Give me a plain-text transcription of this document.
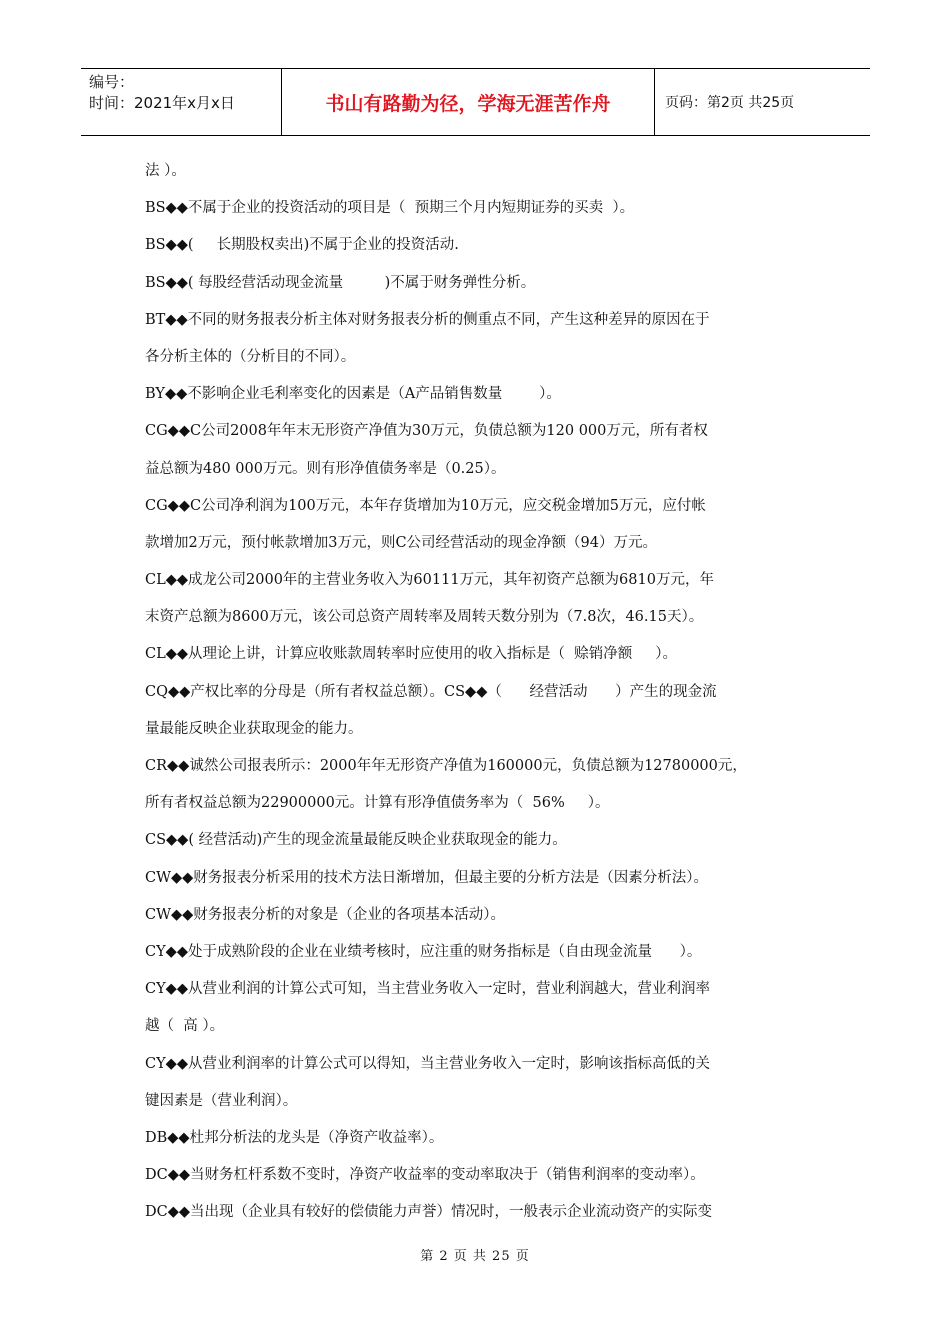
编号：
时间：2021年x月x日	书山有路勤为径，学海无涯苦作舟	页码：第2页 共25页
法 ）。
BS◆◆不属于企业的投资活动的项目是（  预期三个月内短期证券的买卖  ）。
BS◆◆(     长期股权卖出)不属于企业的投资活动.
BS◆◆( 每股经营活动现金流量         )不属于财务弹性分析。
BT◆◆不同的财务报表分析主体对财务报表分析的侧重点不同，产生这种差异的原因在于
各分析主体的（分析目的不同）。
BY◆◆不影响企业毛利率变化的因素是（A产品销售数量        ）。
CG◆◆C公司2008年年末无形资产净值为30万元，负债总额为120 000万元，所有者权
益总额为480 000万元。则有形净值债务率是（0.25）。
CG◆◆C公司净利润为100万元，本年存货增加为10万元，应交税金增加5万元，应付帐
款增加2万元，预付帐款增加3万元，则C公司经营活动的现金净额（94）万元。
CL◆◆成龙公司2000年的主营业务收入为60111万元，其年初资产总额为6810万元，年
末资产总额为8600万元，该公司总资产周转率及周转天数分别为（7.8次，46.15天）。
CL◆◆从理论上讲，计算应收账款周转率时应使用的收入指标是（  赊销净额     ）。
CQ◆◆产权比率的分母是（所有者权益总额）。CS◆◆（      经营活动      ）产生的现金流
量最能反映企业获取现金的能力。
CR◆◆诚然公司报表所示：2000年年无形资产净值为160000元，负债总额为12780000元，
所有者权益总额为22900000元。计算有形净值债务率为（  56%     ）。
CS◆◆( 经营活动)产生的现金流量最能反映企业获取现金的能力。
CW◆◆财务报表分析采用的技术方法日渐增加，但最主要的分析方法是（因素分析法）。
CW◆◆财务报表分析的对象是（企业的各项基本活动）。
CY◆◆处于成熟阶段的企业在业绩考核时，应注重的财务指标是（自由现金流量      ）。
CY◆◆从营业利润的计算公式可知，当主营业务收入一定时，营业利润越大，营业利润率
越（  高 ）。
CY◆◆从营业利润率的计算公式可以得知，当主营业务收入一定时，影响该指标高低的关
键因素是（营业利润）。
DB◆◆杜邦分析法的龙头是（净资产收益率）。
DC◆◆当财务杠杆系数不变时，净资产收益率的变动率取决于（销售利润率的变动率）。
DC◆◆当出现（企业具有较好的偿债能力声誉）情况时，一般表示企业流动资产的实际变
第 2 页 共 25 页
